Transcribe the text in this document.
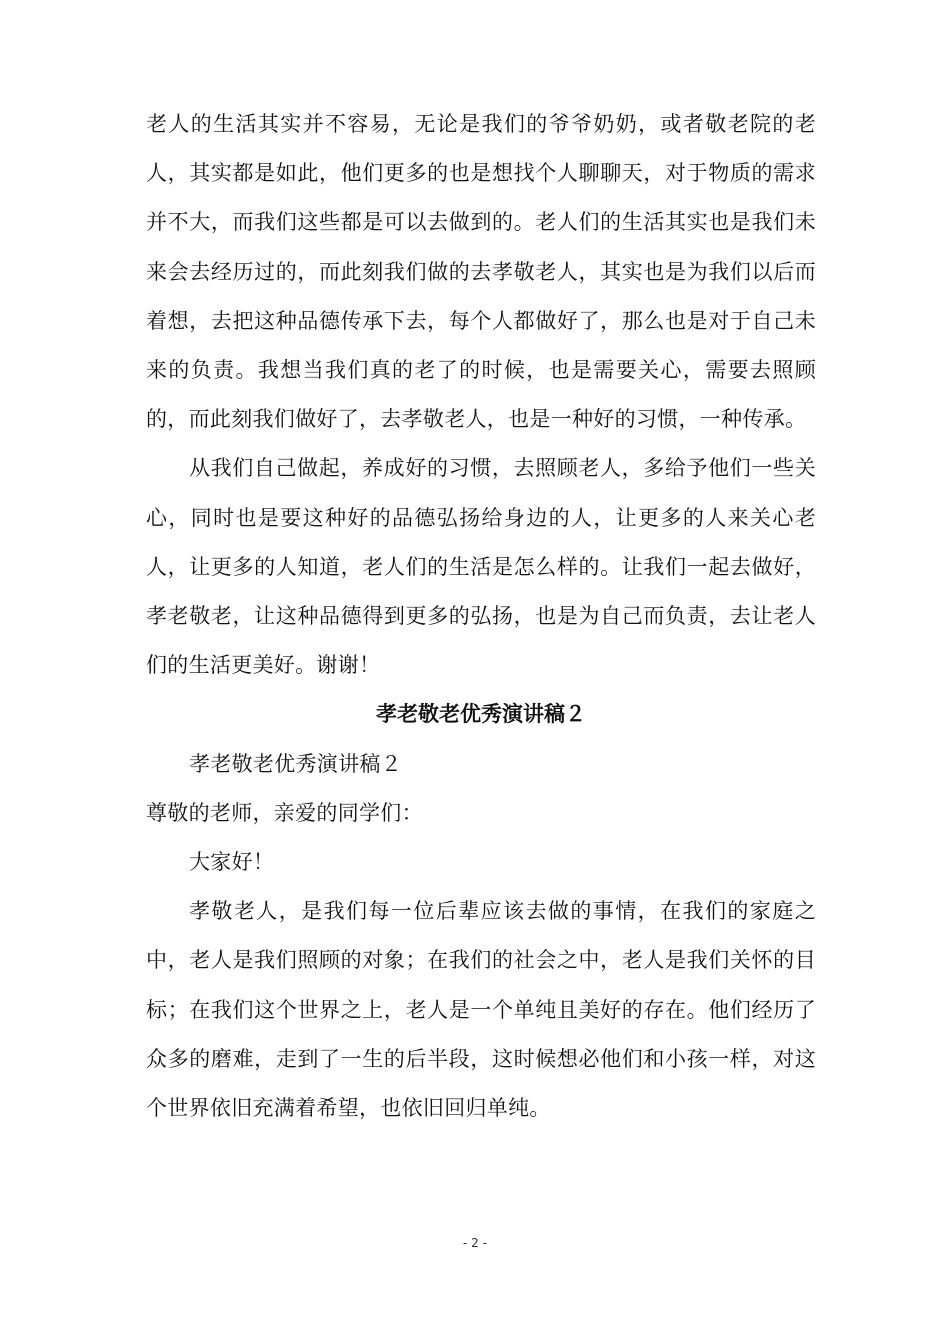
老人的生活其实并不容易，无论是我们的爷爷奶奶，或者敬老院的老人，其实都是如此，他们更多的也是想找个人聊聊天，对于物质的需求并不大，而我们这些都是可以去做到的。老人们的生活其实也是我们未来会去经历过的，而此刻我们做的去孝敬老人，其实也是为我们以后而着想，去把这种品德传承下去，每个人都做好了，那么也是对于自己未来的负责。我想当我们真的老了的时候，也是需要关心，需要去照顾的，而此刻我们做好了，去孝敬老人，也是一种好的习惯，一种传承。

从我们自己做起，养成好的习惯，去照顾老人，多给予他们一些关心，同时也是要这种好的品德弘扬给身边的人，让更多的人来关心老人，让更多的人知道，老人们的生活是怎么样的。让我们一起去做好，孝老敬老，让这种品德得到更多的弘扬，也是为自己而负责，去让老人们的生活更美好。谢谢！

孝老敬老优秀演讲稿２

孝老敬老优秀演讲稿２

尊敬的老师，亲爱的同学们：

大家好！

孝敬老人，是我们每一位后辈应该去做的事情，在我们的家庭之中，老人是我们照顾的对象；在我们的社会之中，老人是我们关怀的目标；在我们这个世界之上，老人是一个单纯且美好的存在。他们经历了众多的磨难，走到了一生的后半段，这时候想必他们和小孩一样，对这个世界依旧充满着希望，也依旧回归单纯。

- 2 -
